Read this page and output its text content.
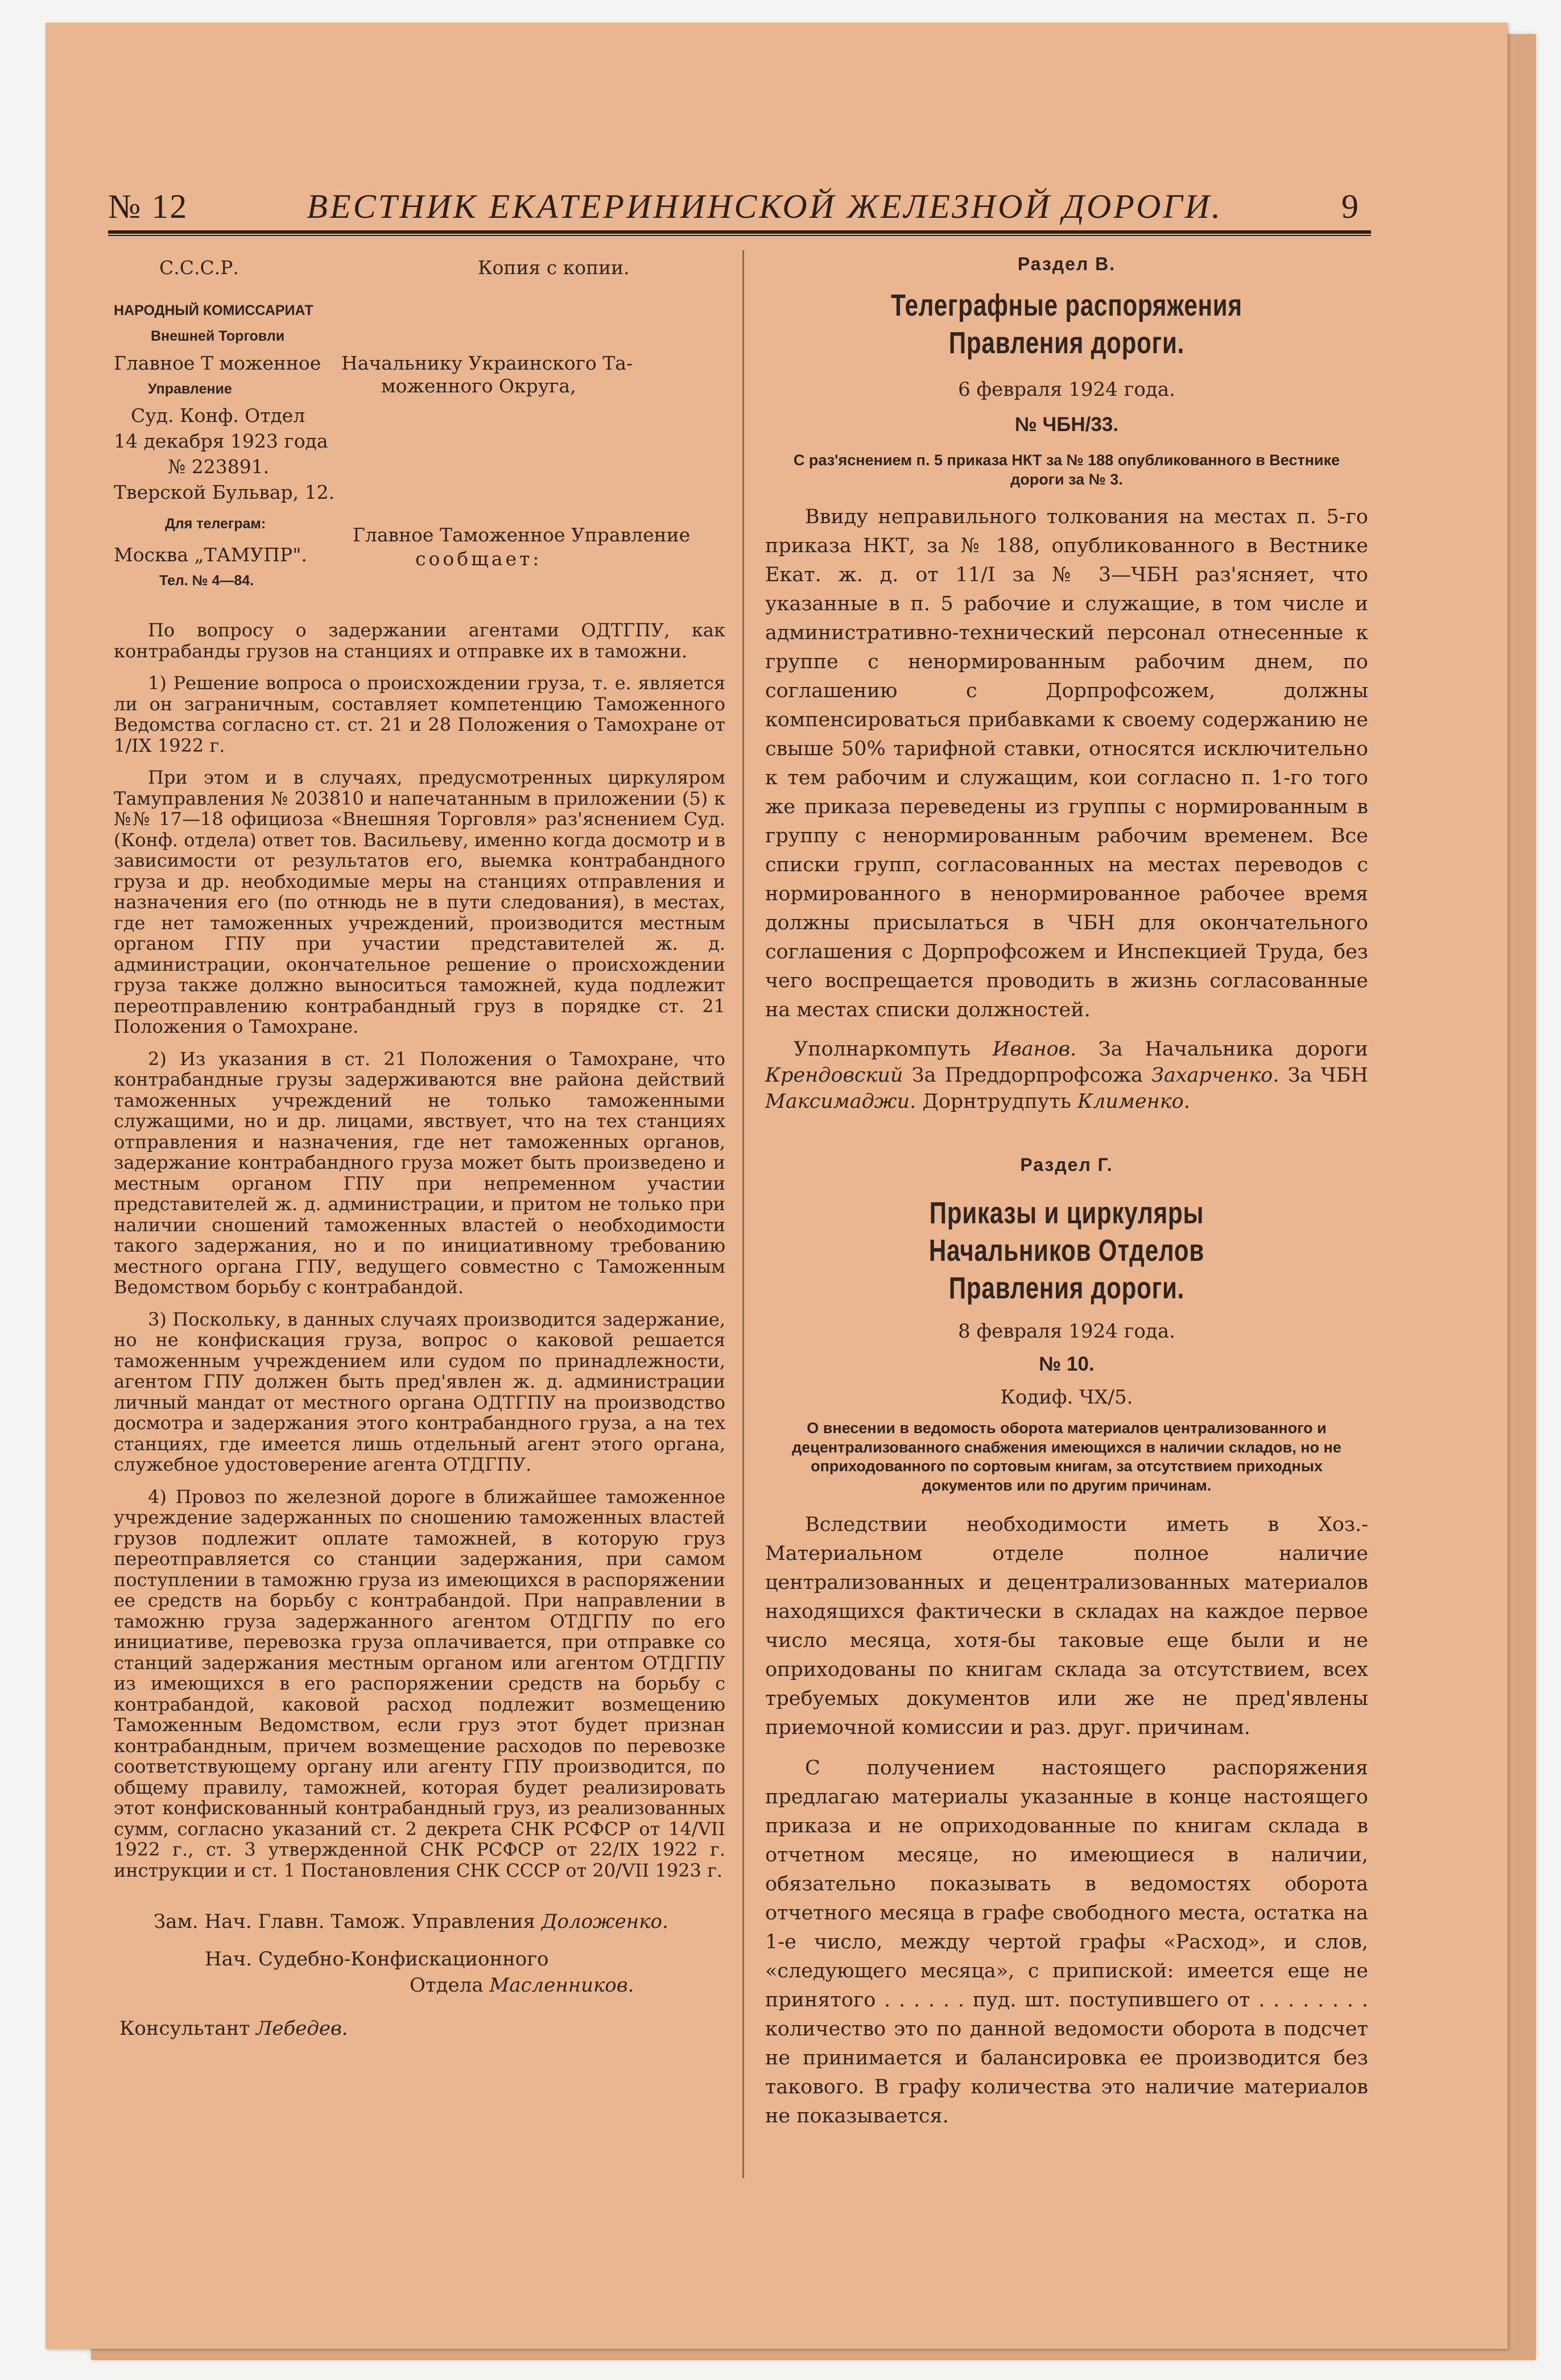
№ 12	ВЕСТНИК ЕКАТЕРИНИНСКОЙ ЖЕЛЕЗНОЙ ДОРОГИ.	9
С.С.С.Р.	Копия с копии.
НАРОДНЫЙ КОМИССАРИАТ
Внешней Торговли
Главное Т моженное Начальнику Украинского Та-
Управление	моженного Округа,
Суд. Конф. Отдел
14 декабря 1923 года
№ 223891.
Тверской Бульвар, 12.
Для телеграм:	Главное Таможенное Управление
Москва „ТАМУПР".	сообщает:
Тел. № 4—84.

По вопросу о задержании агентами ОДТГПУ, как контрабанды грузов на станциях и отправке их в таможни.

1) Решение вопроса о происхождении груза, т. е. является ли он заграничным, составляет компетенцию Таможенного Ведомства согласно ст. ст. 21 и 28 Положения о Тамохране от 1/IX 1922 г.

При этом и в случаях, предусмотренных циркуляром Тамуправления № 203810 и напечатанным в приложении (5) к №№ 17—18 официоза «Внешняя Торговля» раз'яснением Суд. (Конф. отдела) ответ тов. Васильеву, именно когда досмотр и в зависимости от результатов его, выемка контрабандного груза и др. необходимые меры на станциях отправления и назначения его (по отнюдь не в пути следования), в местах, где нет таможенных учреждений, производится местным органом ГПУ при участии представителей ж. д. администрации, окончательное решение о происхождении груза также должно выноситься таможней, куда подлежит переотправлению контрабандный груз в порядке ст. 21 Положения о Тамохране.

2) Из указания в ст. 21 Положения о Тамохране, что контрабандные грузы задерживаются вне района действий таможенных учреждений не только таможенными служащими, но и др. лицами, явствует, что на тех станциях отправления и назначения, где нет таможенных органов, задержание контрабандного груза может быть произведено и местным органом ГПУ при непременном участии представителей ж. д. администрации, и притом не только при наличии сношений таможенных властей о необходимости такого задержания, но и по инициативному требованию местного органа ГПУ, ведущего совместно с Таможенным Ведомством борьбу с контрабандой.

3) Поскольку, в данных случаях производится задержание, но не конфискация груза, вопрос о каковой решается таможенным учреждением или судом по принадлежности, агентом ГПУ должен быть пред'явлен ж. д. администрации личный мандат от местного органа ОДТГПУ на производство досмотра и задержания этого контрабандного груза, а на тех станциях, где имеется лишь отдельный агент этого органа, служебное удостоверение агента ОТДГПУ.

4) Провоз по железной дороге в ближайшее таможенное учреждение задержанных по сношению таможенных властей грузов подлежит оплате таможней, в которую груз переотправляется со станции задержания, при самом поступлении в таможню груза из имеющихся в распоряжении ее средств на борьбу с контрабандой. При направлении в таможню груза задержанного агентом ОТДГПУ по его инициативе, перевозка груза оплачивается, при отправке со станций задержания местным органом или агентом ОТДГПУ из имеющихся в его распоряжении средств на борьбу с контрабандой, каковой расход подлежит возмещению Таможенным Ведомством, если груз этот будет признан контрабандным, причем возмещение расходов по перевозке соответствующему органу или агенту ГПУ производится, по общему правилу, таможней, которая будет реализировать этот конфискованный контрабандный груз, из реализованных сумм, согласно указаний ст. 2 декрета СНК РСФСР от 14/VII 1922 г., ст. 3 утвержденной СНК РСФСР от 22/IX 1922 г. инструкции и ст. 1 Постановления СНК СССР от 20/VII 1923 г.

Зам. Нач. Главн. Тамож. Управления Доложенко.

Нач. Судебно-Конфискационного

Отдела Масленников.

Консультант Лебедев.

Раздел В.
Телеграфные распоряжения Правления дороги.
6 февраля 1924 года.
№ ЧБН/33.
С раз'яснением п. 5 приказа НКТ за № 188 опубликованного в Вестнике дороги за № 3.

Ввиду неправильного толкования на местах п. 5-го приказа НКТ, за № 188, опубликованного в Вестнике Екат. ж. д. от 11/I за № 3—ЧБН раз'ясняет, что указанные в п. 5 рабочие и служащие, в том числе и административно-технический персонал отнесенные к группе с ненормированным рабочим днем, по соглашению с Дорпрофсожем, должны компенсироваться прибавками к своему содержанию не свыше 50% тарифной ставки, относятся исключительно к тем рабочим и служащим, кои согласно п. 1-го того же приказа переведены из группы с нормированным в группу с ненормированным рабочим временем. Все списки групп, согласованных на местах переводов с нормированного в ненормированное рабочее время должны присылаться в ЧБН для окончательного соглашения с Дорпрофсожем и Инспекцией Труда, без чего воспрещается проводить в жизнь согласованные на местах списки должностей.

Уполнаркомпуть Иванов. За Начальника дороги Крендовский За Преддорпрофсожа Захарченко. За ЧБН Максимаджи. Дорнтрудпуть Клименко.

Раздел Г.
Приказы и циркуляры Начальников Отделов Правления дороги.
8 февраля 1924 года.
№ 10.
Кодиф. ЧХ/5.
О внесении в ведомость оборота материалов централизованного и децентрализованного снабжения имеющихся в наличии складов, но не оприходованного по сортовым книгам, за отсутствием приходных документов или по другим причинам.

Вследствии необходимости иметь в Хоз.-Материальном отделе полное наличие централизованных и децентрализованных материалов находящихся фактически в складах на каждое первое число месяца, хотя-бы таковые еще были и не оприходованы по книгам склада за отсутствием, всех требуемых документов или же не пред'явлены приемочной комиссии и раз. друг. причинам.

С получением настоящего распоряжения предлагаю материалы указанные в конце настоящего приказа и не оприходованные по книгам склада в отчетном месяце, но имеющиеся в наличии, обязательно показывать в ведомостях оборота отчетного месяца в графе свободного места, остатка на 1-е число, между чертой графы «Расход», и слов, «следующего месяца», с припиской: имеется еще не принятого . . . . . . пуд. шт. поступившего от . . . . . . . . количество это по данной ведомости оборота в подсчет не принимается и балансировка ее производится без такового. В графу количества это наличие материалов не показывается.
